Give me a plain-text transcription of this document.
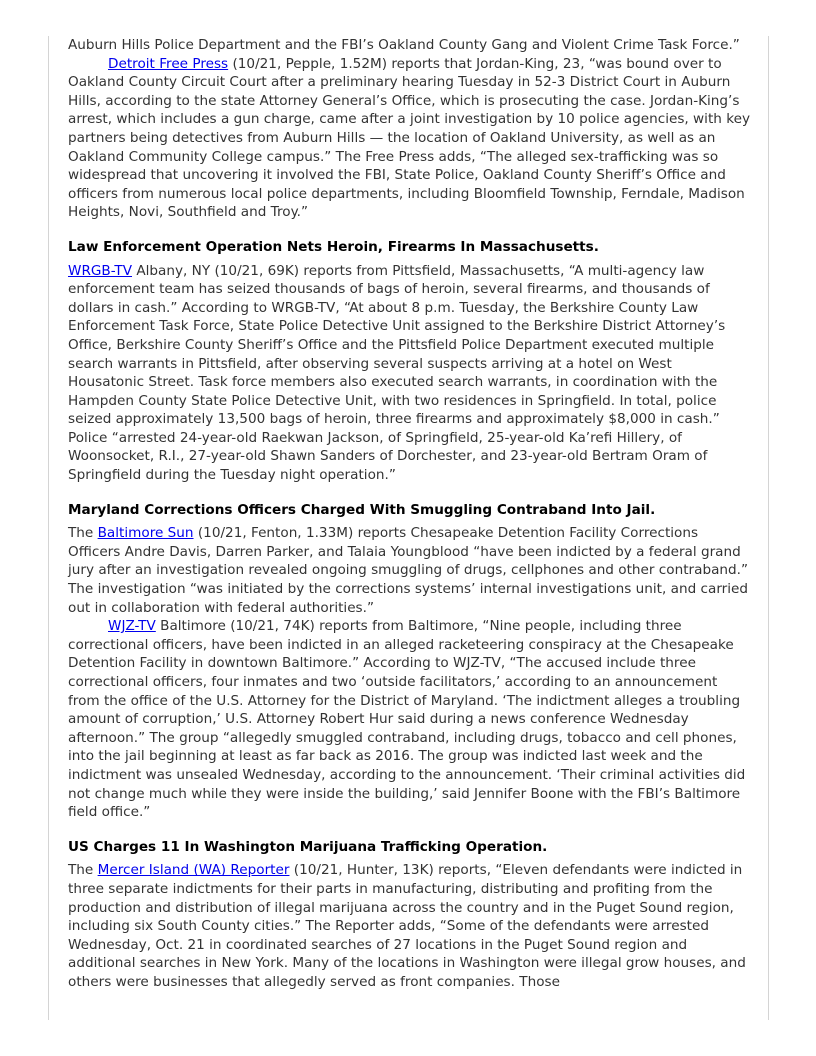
Auburn Hills Police Department and the FBI’s Oakland County Gang and Violent Crime Task Force.”

Detroit Free Press (10/21, Pepple, 1.52M) reports that Jordan-King, 23, “was bound over to Oakland County Circuit Court after a preliminary hearing Tuesday in 52-3 District Court in Auburn Hills, according to the state Attorney General’s Office, which is prosecuting the case. Jordan-King’s arrest, which includes a gun charge, came after a joint investigation by 10 police agencies, with key partners being detectives from Auburn Hills — the location of Oakland University, as well as an Oakland Community College campus.” The Free Press adds, “The alleged sex-trafficking was so widespread that uncovering it involved the FBI, State Police, Oakland County Sheriff’s Office and officers from numerous local police departments, including Bloomfield Township, Ferndale, Madison Heights, Novi, Southfield and Troy.”

Law Enforcement Operation Nets Heroin, Firearms In Massachusetts.

WRGB-TV Albany, NY (10/21, 69K) reports from Pittsfield, Massachusetts, “A multi-agency law enforcement team has seized thousands of bags of heroin, several firearms, and thousands of dollars in cash.” According to WRGB-TV, “At about 8 p.m. Tuesday, the Berkshire County Law Enforcement Task Force, State Police Detective Unit assigned to the Berkshire District Attorney’s Office, Berkshire County Sheriff’s Office and the Pittsfield Police Department executed multiple search warrants in Pittsfield, after observing several suspects arriving at a hotel on West Housatonic Street. Task force members also executed search warrants, in coordination with the Hampden County State Police Detective Unit, with two residences in Springfield. In total, police seized approximately 13,500 bags of heroin, three firearms and approximately $8,000 in cash.” Police “arrested 24-year-old Raekwan Jackson, of Springfield, 25-year-old Ka’refi Hillery, of Woonsocket, R.I., 27-year-old Shawn Sanders of Dorchester, and 23-year-old Bertram Oram of Springfield during the Tuesday night operation.”

Maryland Corrections Officers Charged With Smuggling Contraband Into Jail.

The Baltimore Sun (10/21, Fenton, 1.33M) reports Chesapeake Detention Facility Corrections Officers Andre Davis, Darren Parker, and Talaia Youngblood “have been indicted by a federal grand jury after an investigation revealed ongoing smuggling of drugs, cellphones and other contraband.” The investigation “was initiated by the corrections systems’ internal investigations unit, and carried out in collaboration with federal authorities.”

WJZ-TV Baltimore (10/21, 74K) reports from Baltimore, “Nine people, including three correctional officers, have been indicted in an alleged racketeering conspiracy at the Chesapeake Detention Facility in downtown Baltimore.” According to WJZ-TV, “The accused include three correctional officers, four inmates and two ‘outside facilitators,’ according to an announcement from the office of the U.S. Attorney for the District of Maryland. ‘The indictment alleges a troubling amount of corruption,’ U.S. Attorney Robert Hur said during a news conference Wednesday afternoon.” The group “allegedly smuggled contraband, including drugs, tobacco and cell phones, into the jail beginning at least as far back as 2016. The group was indicted last week and the indictment was unsealed Wednesday, according to the announcement. ‘Their criminal activities did not change much while they were inside the building,’ said Jennifer Boone with the FBI’s Baltimore field office.”

US Charges 11 In Washington Marijuana Trafficking Operation.

The Mercer Island (WA) Reporter (10/21, Hunter, 13K) reports, “Eleven defendants were indicted in three separate indictments for their parts in manufacturing, distributing and profiting from the production and distribution of illegal marijuana across the country and in the Puget Sound region, including six South County cities.” The Reporter adds, “Some of the defendants were arrested Wednesday, Oct. 21 in coordinated searches of 27 locations in the Puget Sound region and additional searches in New York. Many of the locations in Washington were illegal grow houses, and others were businesses that allegedly served as front companies. Those
